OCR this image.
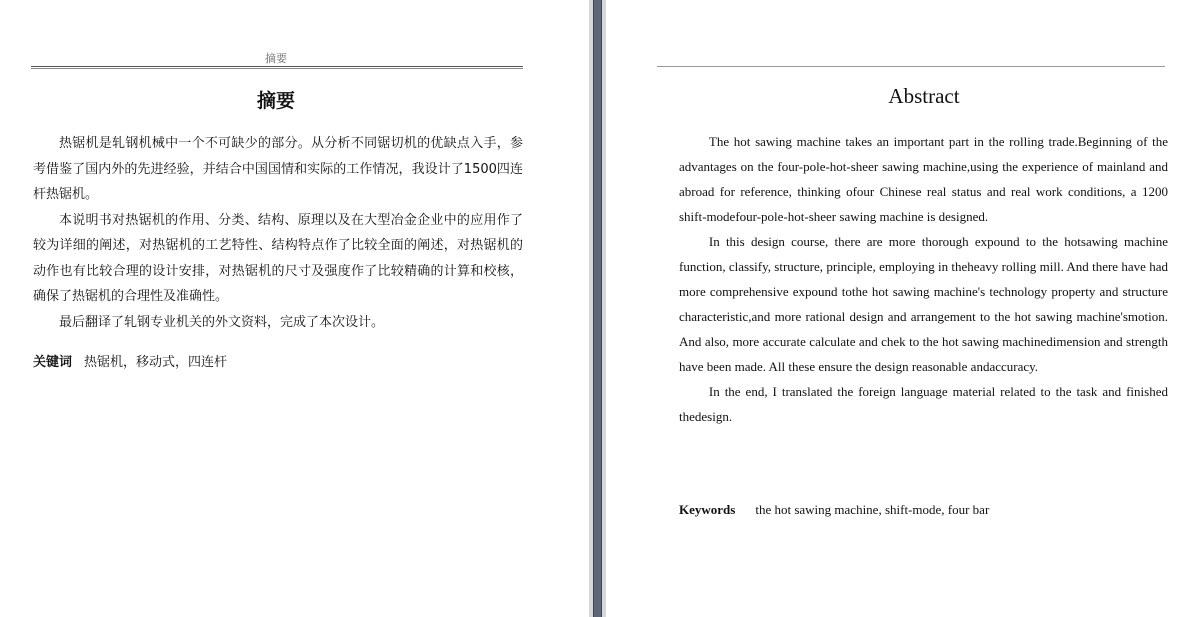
摘要
摘要

热锯机是轧钢机械中一个不可缺少的部分。从分析不同锯切机的优缺点入手，参考借鉴了国内外的先进经验，并结合中国国情和实际的工作情况，我设计了1500四连杆热锯机。

本说明书对热锯机的作用、分类、结构、原理以及在大型冶金企业中的应用作了较为详细的阐述，对热锯机的工艺特性、结构特点作了比较全面的阐述，对热锯机的动作也有比较合理的设计安排，对热锯机的尺寸及强度作了比较精确的计算和校核，确保了热锯机的合理性及准确性。

最后翻译了轧钢专业机关的外文资料，完成了本次设计。

关键词 热锯机，移动式，四连杆
Abstract

The hot sawing machine takes an important part in the rolling trade.Beginning of the advantages on the four-pole-hot-sheer sawing machine,using the experience of mainland and abroad for reference, thinking ofour Chinese real status and real work conditions, a 1200 shift-modefour-pole-hot-sheer sawing machine is designed.

In this design course, there are more thorough expound to the hotsawing machine function, classify, structure, principle, employing in theheavy rolling mill. And there have had more comprehensive expound tothe hot sawing machine's technology property and structure characteristic,and more rational design and arrangement to the hot sawing machine'smotion. And also, more accurate calculate and chek to the hot sawing machinedimension and strength have been made. All these ensure the design reasonable andaccuracy.

In the end, I translated the foreign language material related to the task and finished thedesign.

Keywords the hot sawing machine, shift-mode, four bar
